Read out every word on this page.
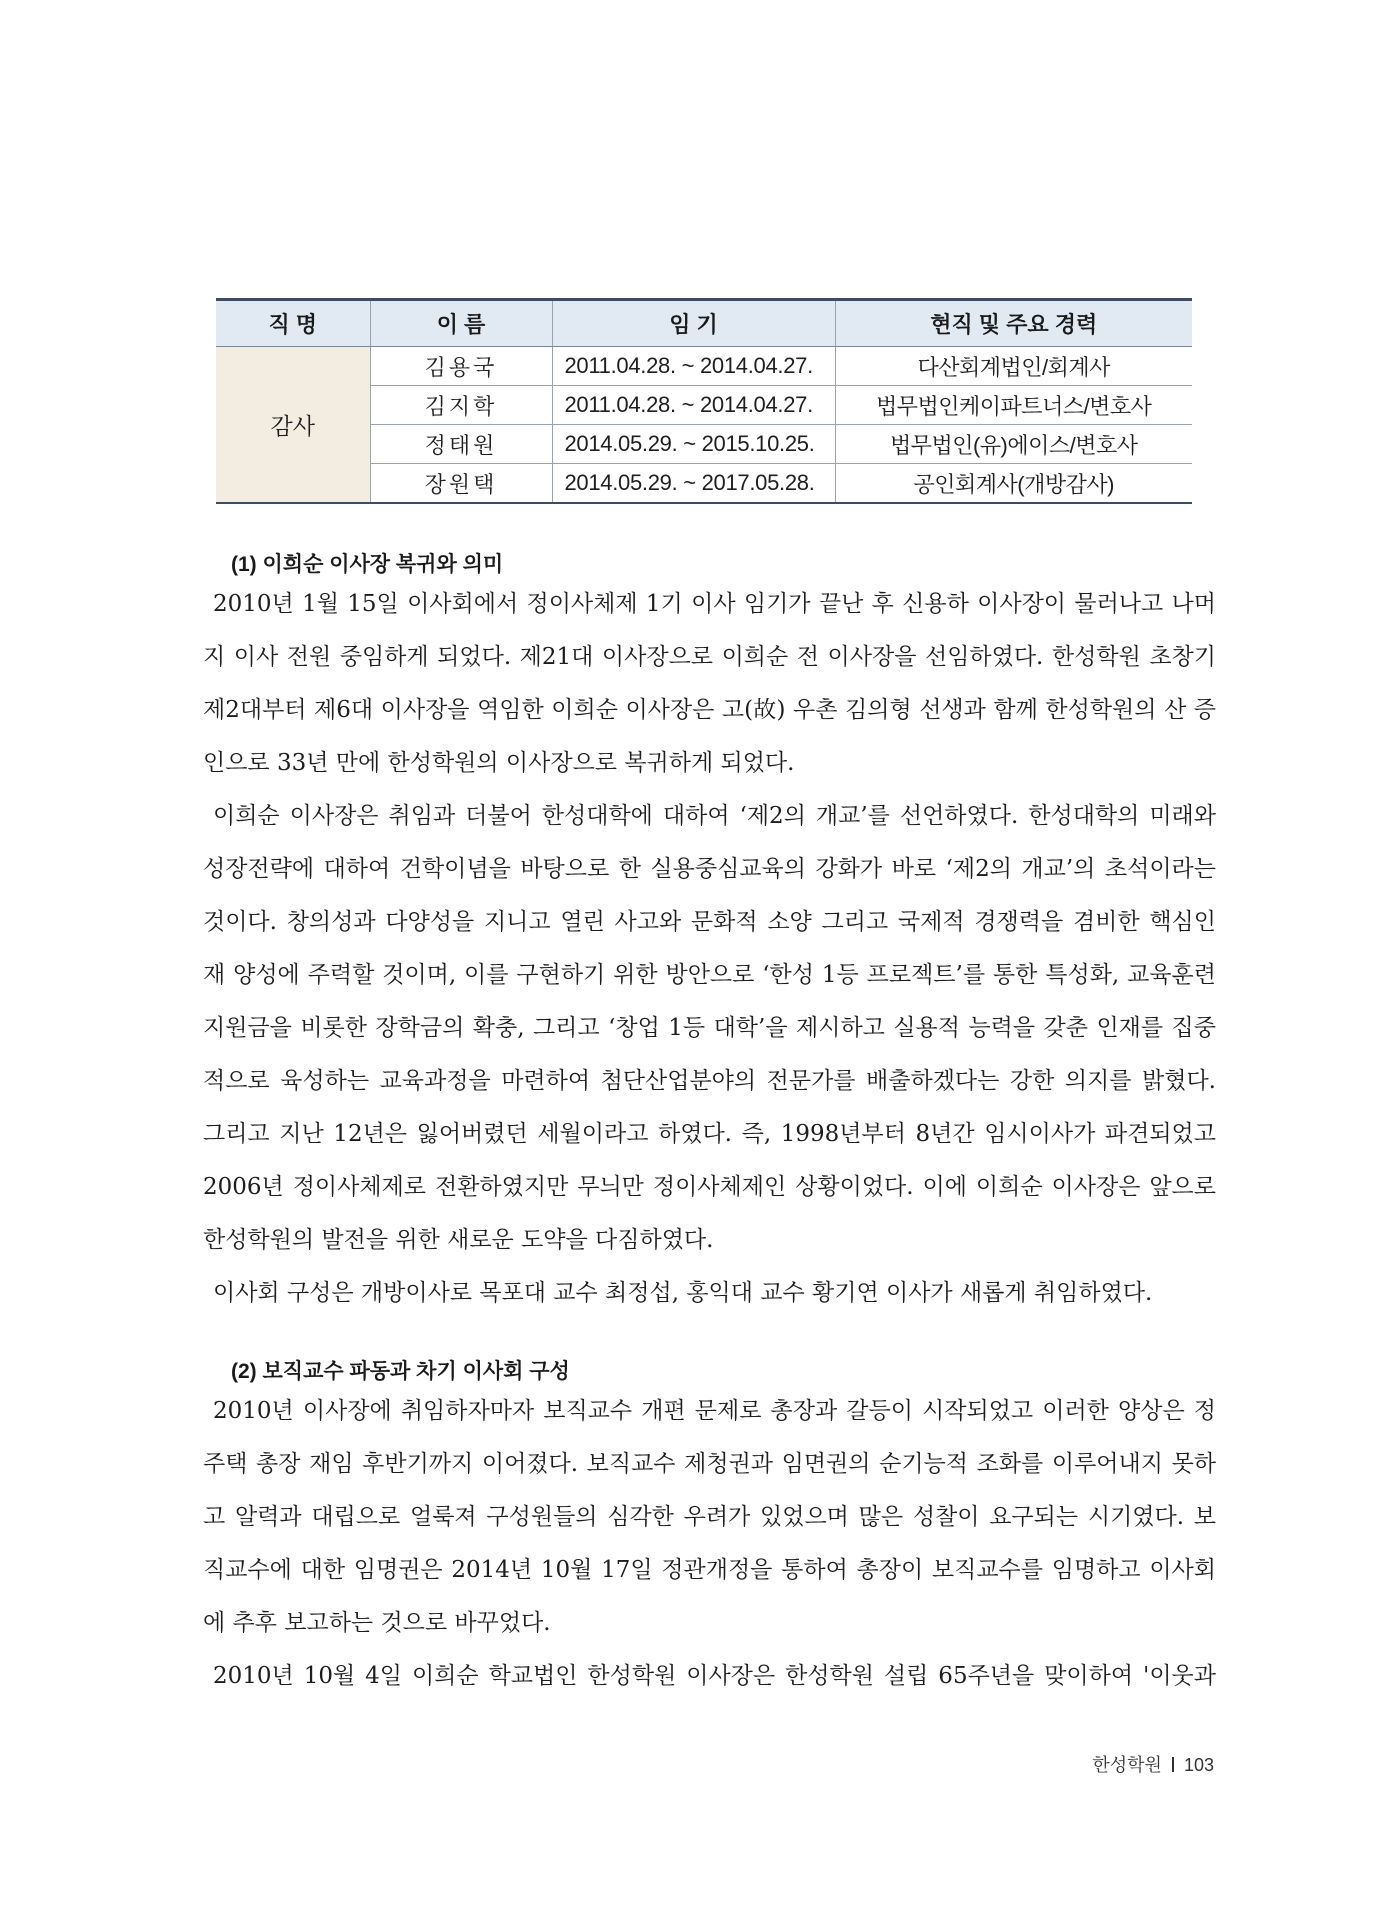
직 명	이 름	임 기	현직 및 주요 경력
감사	김용국	2011.04.28. ~ 2014.04.27.	다산회계법인/회계사
	김지학	2011.04.28. ~ 2014.04.27.	법무법인케이파트너스/변호사
	정태원	2014.05.29. ~ 2015.10.25.	법무법인(유)에이스/변호사
	장원택	2014.05.29. ~ 2017.05.28.	공인회계사(개방감사)
(1) 이희순 이사장 복귀와 의미

2010년 1월 15일 이사회에서 정이사체제 1기 이사 임기가 끝난 후 신용하 이사장이 물러나고 나머

지 이사 전원 중임하게 되었다. 제21대 이사장으로 이희순 전 이사장을 선임하였다. 한성학원 초창기

제2대부터 제6대 이사장을 역임한 이희순 이사장은 고(故) 우촌 김의형 선생과 함께 한성학원의 산 증

인으로 33년 만에 한성학원의 이사장으로 복귀하게 되었다.

이희순 이사장은 취임과 더불어 한성대학에 대하여 ‘제2의 개교’를 선언하였다. 한성대학의 미래와

성장전략에 대하여 건학이념을 바탕으로 한 실용중심교육의 강화가 바로 ‘제2의 개교’의 초석이라는

것이다. 창의성과 다양성을 지니고 열린 사고와 문화적 소양 그리고 국제적 경쟁력을 겸비한 핵심인

재 양성에 주력할 것이며, 이를 구현하기 위한 방안으로 ‘한성 1등 프로젝트’를 통한 특성화, 교육훈련

지원금을 비롯한 장학금의 확충, 그리고 ‘창업 1등 대학’을 제시하고 실용적 능력을 갖춘 인재를 집중

적으로 육성하는 교육과정을 마련하여 첨단산업분야의 전문가를 배출하겠다는 강한 의지를 밝혔다.

그리고 지난 12년은 잃어버렸던 세월이라고 하였다. 즉, 1998년부터 8년간 임시이사가 파견되었고

2006년 정이사체제로 전환하였지만 무늬만 정이사체제인 상황이었다. 이에 이희순 이사장은 앞으로

한성학원의 발전을 위한 새로운 도약을 다짐하였다.

이사회 구성은 개방이사로 목포대 교수 최정섭, 홍익대 교수 황기연 이사가 새롭게 취임하였다.

(2) 보직교수 파동과 차기 이사회 구성

2010년 이사장에 취임하자마자 보직교수 개편 문제로 총장과 갈등이 시작되었고 이러한 양상은 정

주택 총장 재임 후반기까지 이어졌다. 보직교수 제청권과 임면권의 순기능적 조화를 이루어내지 못하

고 알력과 대립으로 얼룩져 구성원들의 심각한 우려가 있었으며 많은 성찰이 요구되는 시기였다. 보

직교수에 대한 임명권은 2014년 10월 17일 정관개정을 통하여 총장이 보직교수를 임명하고 이사회

에 추후 보고하는 것으로 바꾸었다.

2010년 10월 4일 이희순 학교법인 한성학원 이사장은 한성학원 설립 65주년을 맞이하여 '이웃과

한성학원 103
